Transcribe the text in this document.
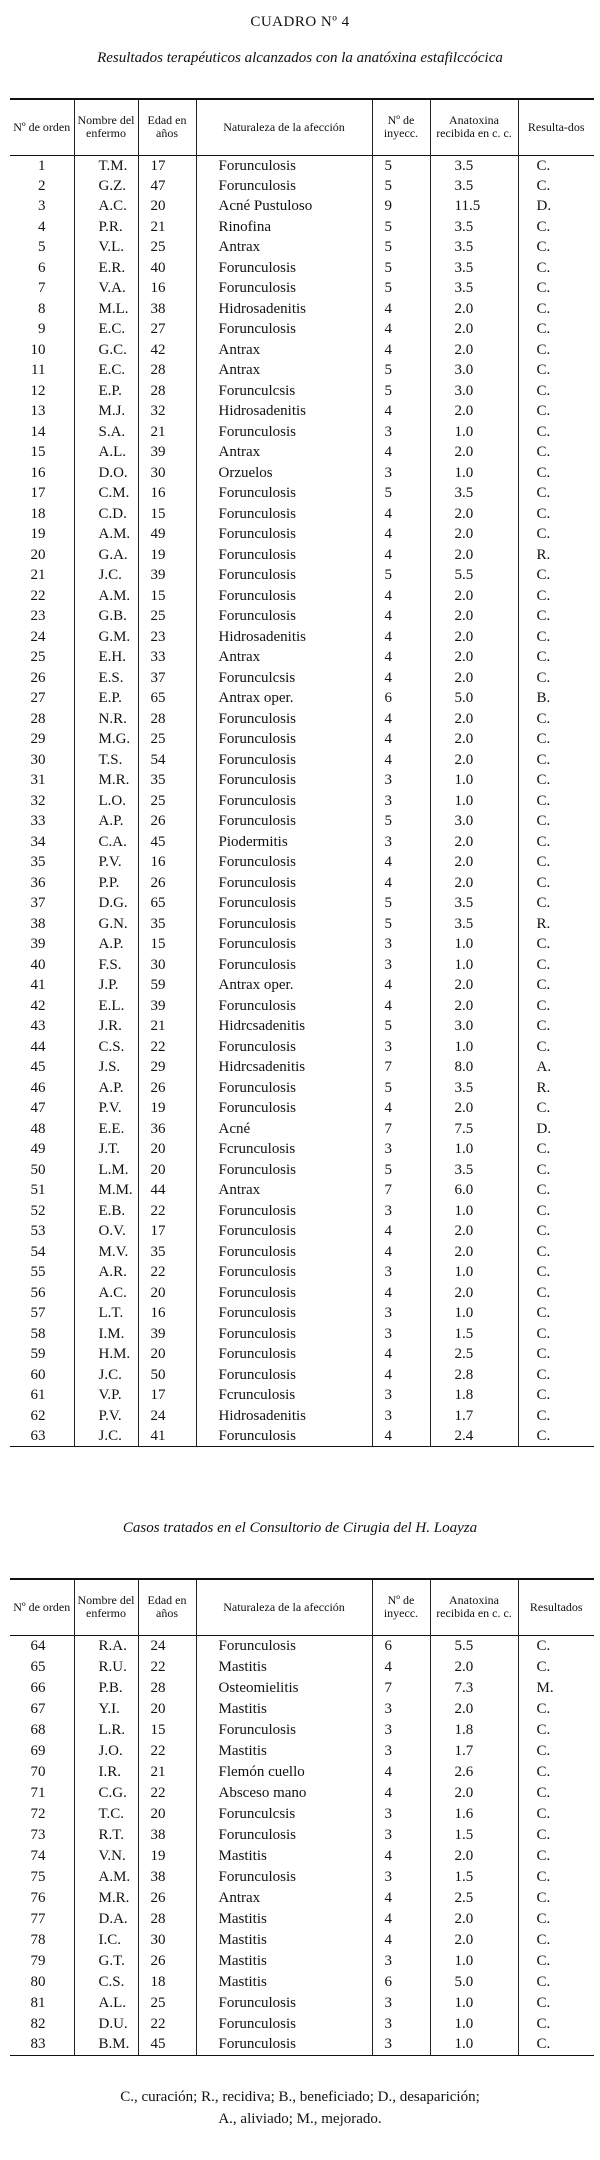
CUADRO Nº 4
Resultados terapéuticos alcanzados con la anatóxina estafilccócica
Nº de orden	Nombre del enfermo	Edad en años	Naturaleza de la afección	Nº de inyecc.	Anatoxina recibida en c. c.	Resulta-dos
1	T.M.	17	Forunculosis	5	3.5	C.
2	G.Z.	47	Forunculosis	5	3.5	C.
3	A.C.	20	Acné Pustuloso	9	11.5	D.
4	P.R.	21	Rinofina	5	3.5	C.
5	V.L.	25	Antrax	5	3.5	C.
6	E.R.	40	Forunculosis	5	3.5	C.
7	V.A.	16	Forunculosis	5	3.5	C.
8	M.L.	38	Hidrosadenitis	4	2.0	C.
9	E.C.	27	Forunculosis	4	2.0	C.
10	G.C.	42	Antrax	4	2.0	C.
11	E.C.	28	Antrax	5	3.0	C.
12	E.P.	28	Forunculcsis	5	3.0	C.
13	M.J.	32	Hidrosadenitis	4	2.0	C.
14	S.A.	21	Forunculosis	3	1.0	C.
15	A.L.	39	Antrax	4	2.0	C.
16	D.O.	30	Orzuelos	3	1.0	C.
17	C.M.	16	Forunculosis	5	3.5	C.
18	C.D.	15	Forunculosis	4	2.0	C.
19	A.M.	49	Forunculosis	4	2.0	C.
20	G.A.	19	Forunculosis	4	2.0	R.
21	J.C.	39	Forunculosis	5	5.5	C.
22	A.M.	15	Forunculosis	4	2.0	C.
23	G.B.	25	Forunculosis	4	2.0	C.
24	G.M.	23	Hidrosadenitis	4	2.0	C.
25	E.H.	33	Antrax	4	2.0	C.
26	E.S.	37	Forunculcsis	4	2.0	C.
27	E.P.	65	Antrax oper.	6	5.0	B.
28	N.R.	28	Forunculosis	4	2.0	C.
29	M.G.	25	Forunculosis	4	2.0	C.
30	T.S.	54	Forunculosis	4	2.0	C.
31	M.R.	35	Forunculosis	3	1.0	C.
32	L.O.	25	Forunculosis	3	1.0	C.
33	A.P.	26	Forunculosis	5	3.0	C.
34	C.A.	45	Piodermitis	3	2.0	C.
35	P.V.	16	Forunculosis	4	2.0	C.
36	P.P.	26	Forunculosis	4	2.0	C.
37	D.G.	65	Forunculosis	5	3.5	C.
38	G.N.	35	Forunculosis	5	3.5	R.
39	A.P.	15	Forunculosis	3	1.0	C.
40	F.S.	30	Forunculosis	3	1.0	C.
41	J.P.	59	Antrax oper.	4	2.0	C.
42	E.L.	39	Forunculosis	4	2.0	C.
43	J.R.	21	Hidrcsadenitis	5	3.0	C.
44	C.S.	22	Forunculosis	3	1.0	C.
45	J.S.	29	Hidrcsadenitis	7	8.0	A.
46	A.P.	26	Forunculosis	5	3.5	R.
47	P.V.	19	Forunculosis	4	2.0	C.
48	E.E.	36	Acné	7	7.5	D.
49	J.T.	20	Fcrunculosis	3	1.0	C.
50	L.M.	20	Forunculosis	5	3.5	C.
51	M.M.	44	Antrax	7	6.0	C.
52	E.B.	22	Forunculosis	3	1.0	C.
53	O.V.	17	Forunculosis	4	2.0	C.
54	M.V.	35	Forunculosis	4	2.0	C.
55	A.R.	22	Forunculosis	3	1.0	C.
56	A.C.	20	Forunculosis	4	2.0	C.
57	L.T.	16	Forunculosis	3	1.0	C.
58	I.M.	39	Forunculosis	3	1.5	C.
59	H.M.	20	Forunculosis	4	2.5	C.
60	J.C.	50	Forunculosis	4	2.8	C.
61	V.P.	17	Fcrunculosis	3	1.8	C.
62	P.V.	24	Hidrosadenitis	3	1.7	C.
63	J.C.	41	Forunculosis	4	2.4	C.
Casos tratados en el Consultorio de Cirugia del H. Loayza
Nº de orden	Nombre del enfermo	Edad en años	Naturaleza de la afección	Nº de inyecc.	Anatoxina recibida en c. c.	Resultados
64	R.A.	24	Forunculosis	6	5.5	C.
65	R.U.	22	Mastitis	4	2.0	C.
66	P.B.	28	Osteomielitis	7	7.3	M.
67	Y.I.	20	Mastitis	3	2.0	C.
68	L.R.	15	Forunculosis	3	1.8	C.
69	J.O.	22	Mastitis	3	1.7	C.
70	I.R.	21	Flemón cuello	4	2.6	C.
71	C.G.	22	Absceso mano	4	2.0	C.
72	T.C.	20	Forunculcsis	3	1.6	C.
73	R.T.	38	Forunculosis	3	1.5	C.
74	V.N.	19	Mastitis	4	2.0	C.
75	A.M.	38	Forunculosis	3	1.5	C.
76	M.R.	26	Antrax	4	2.5	C.
77	D.A.	28	Mastitis	4	2.0	C.
78	I.C.	30	Mastitis	4	2.0	C.
79	G.T.	26	Mastitis	3	1.0	C.
80	C.S.	18	Mastitis	6	5.0	C.
81	A.L.	25	Forunculosis	3	1.0	C.
82	D.U.	22	Forunculosis	3	1.0	C.
83	B.M.	45	Forunculosis	3	1.0	C.
C., curación; R., recidiva; B., beneficiado; D., desaparición;
A., aliviado; M., mejorado.
